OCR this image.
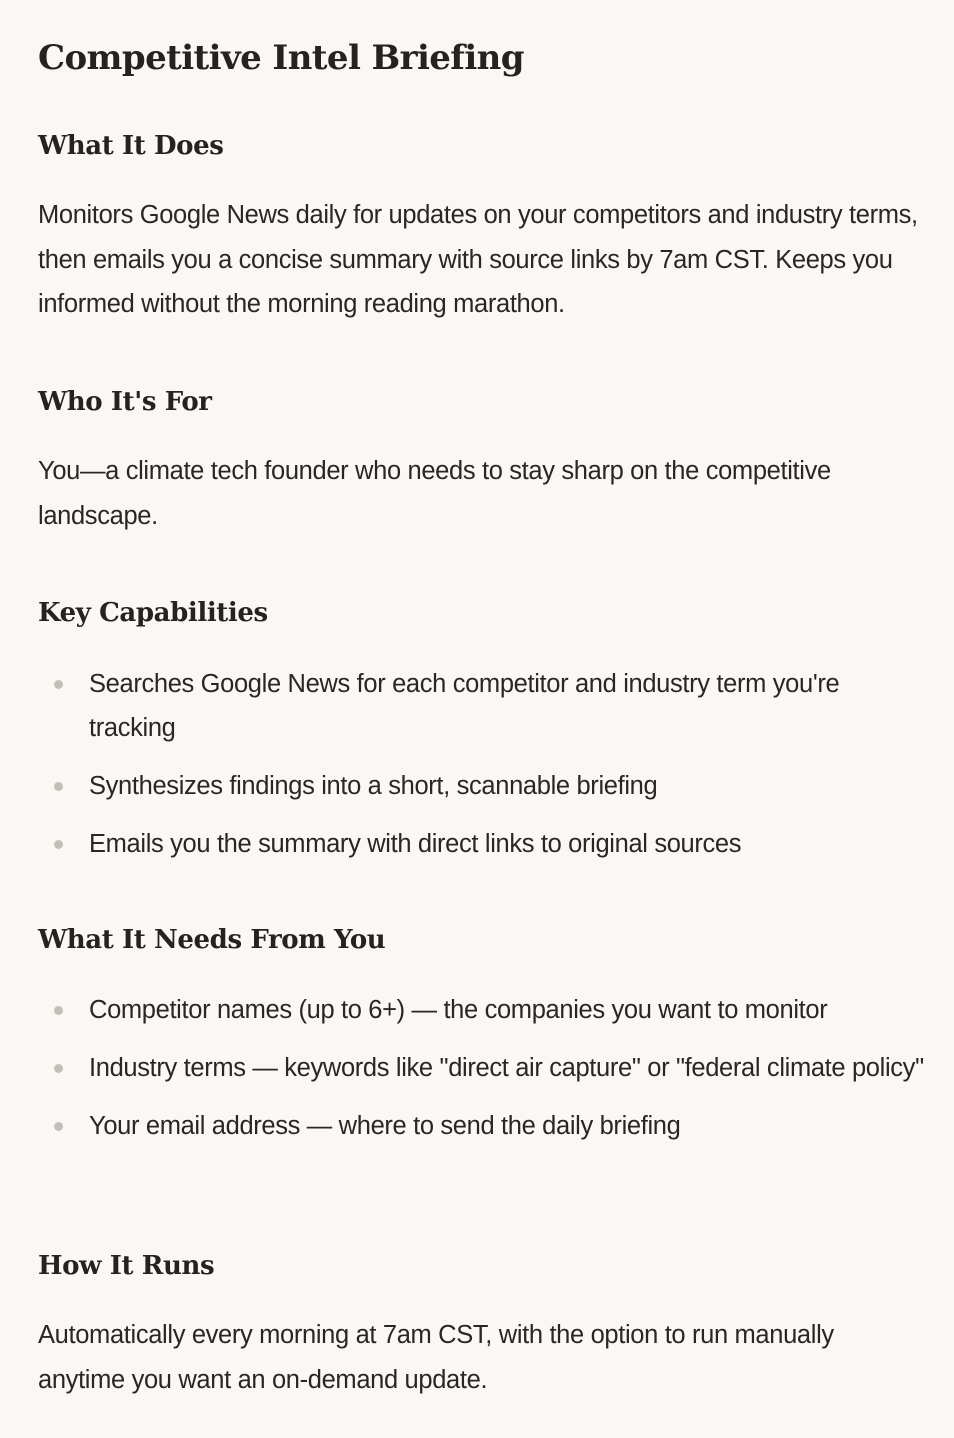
Competitive Intel Briefing
What It Does

Monitors Google News daily for updates on your competitors and industry terms, then emails you a concise summary with source links by 7am CST. Keeps you informed without the morning reading marathon.

Who It's For

You—a climate tech founder who needs to stay sharp on the competitive landscape.

Key Capabilities
Searches Google News for each competitor and industry term you're tracking
Synthesizes findings into a short, scannable briefing
Emails you the summary with direct links to original sources
What It Needs From You
Competitor names (up to 6+) — the companies you want to monitor
Industry terms — keywords like "direct air capture" or "federal climate policy"
Your email address — where to send the daily briefing
How It Runs

Automatically every morning at 7am CST, with the option to run manually anytime you want an on-demand update.
